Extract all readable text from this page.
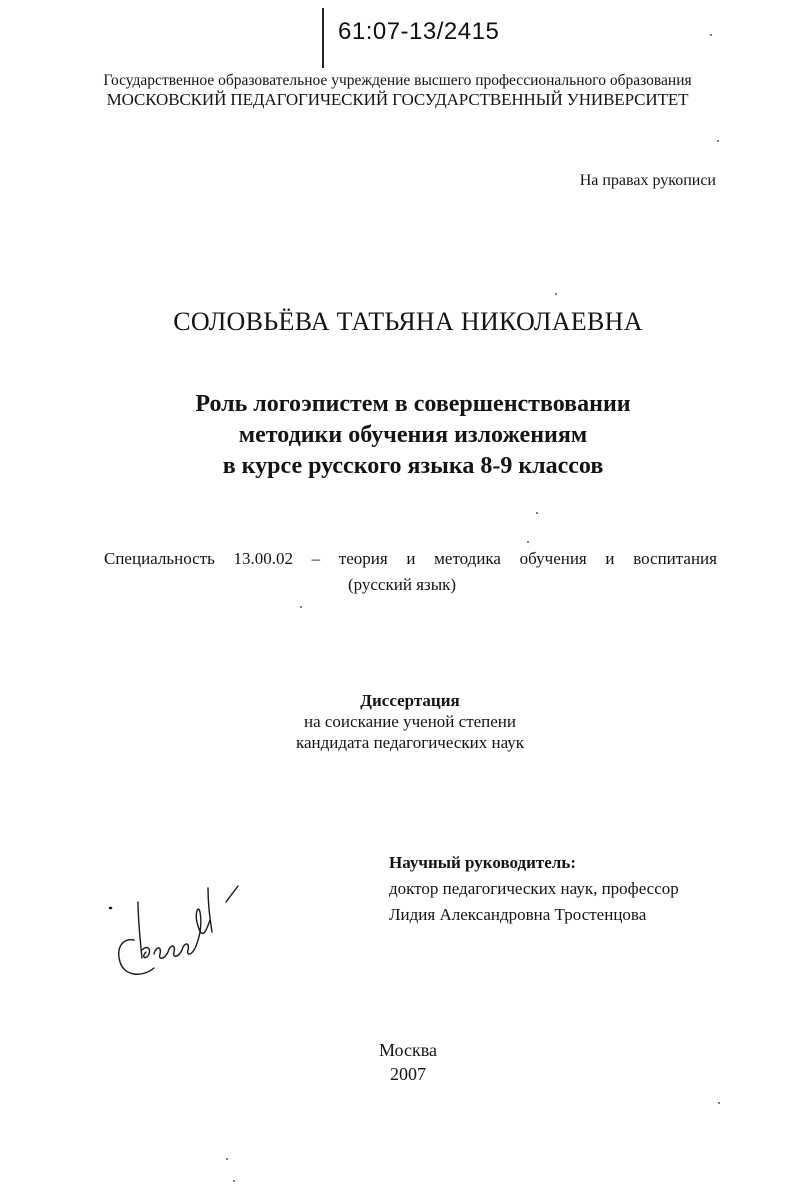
61:07-13/2415
Государственное образовательное учреждение высшего профессионального образования
МОСКОВСКИЙ ПЕДАГОГИЧЕСКИЙ ГОСУДАРСТВЕННЫЙ УНИВЕРСИТЕТ
На правах рукописи
СОЛОВЬЁВА ТАТЬЯНА НИКОЛАЕВНА
Роль логоэпистем в совершенствовании
методики обучения изложениям
в курсе русского языка 8-9 классов
Специальность 13.00.02 – теория и методика обучения и воспитания
(русский язык)
Диссертация
на соискание ученой степени
кандидата педагогических наук
Научный руководитель:
доктор педагогических наук, профессор
Лидия Александровна Тростенцова
Москва
2007
